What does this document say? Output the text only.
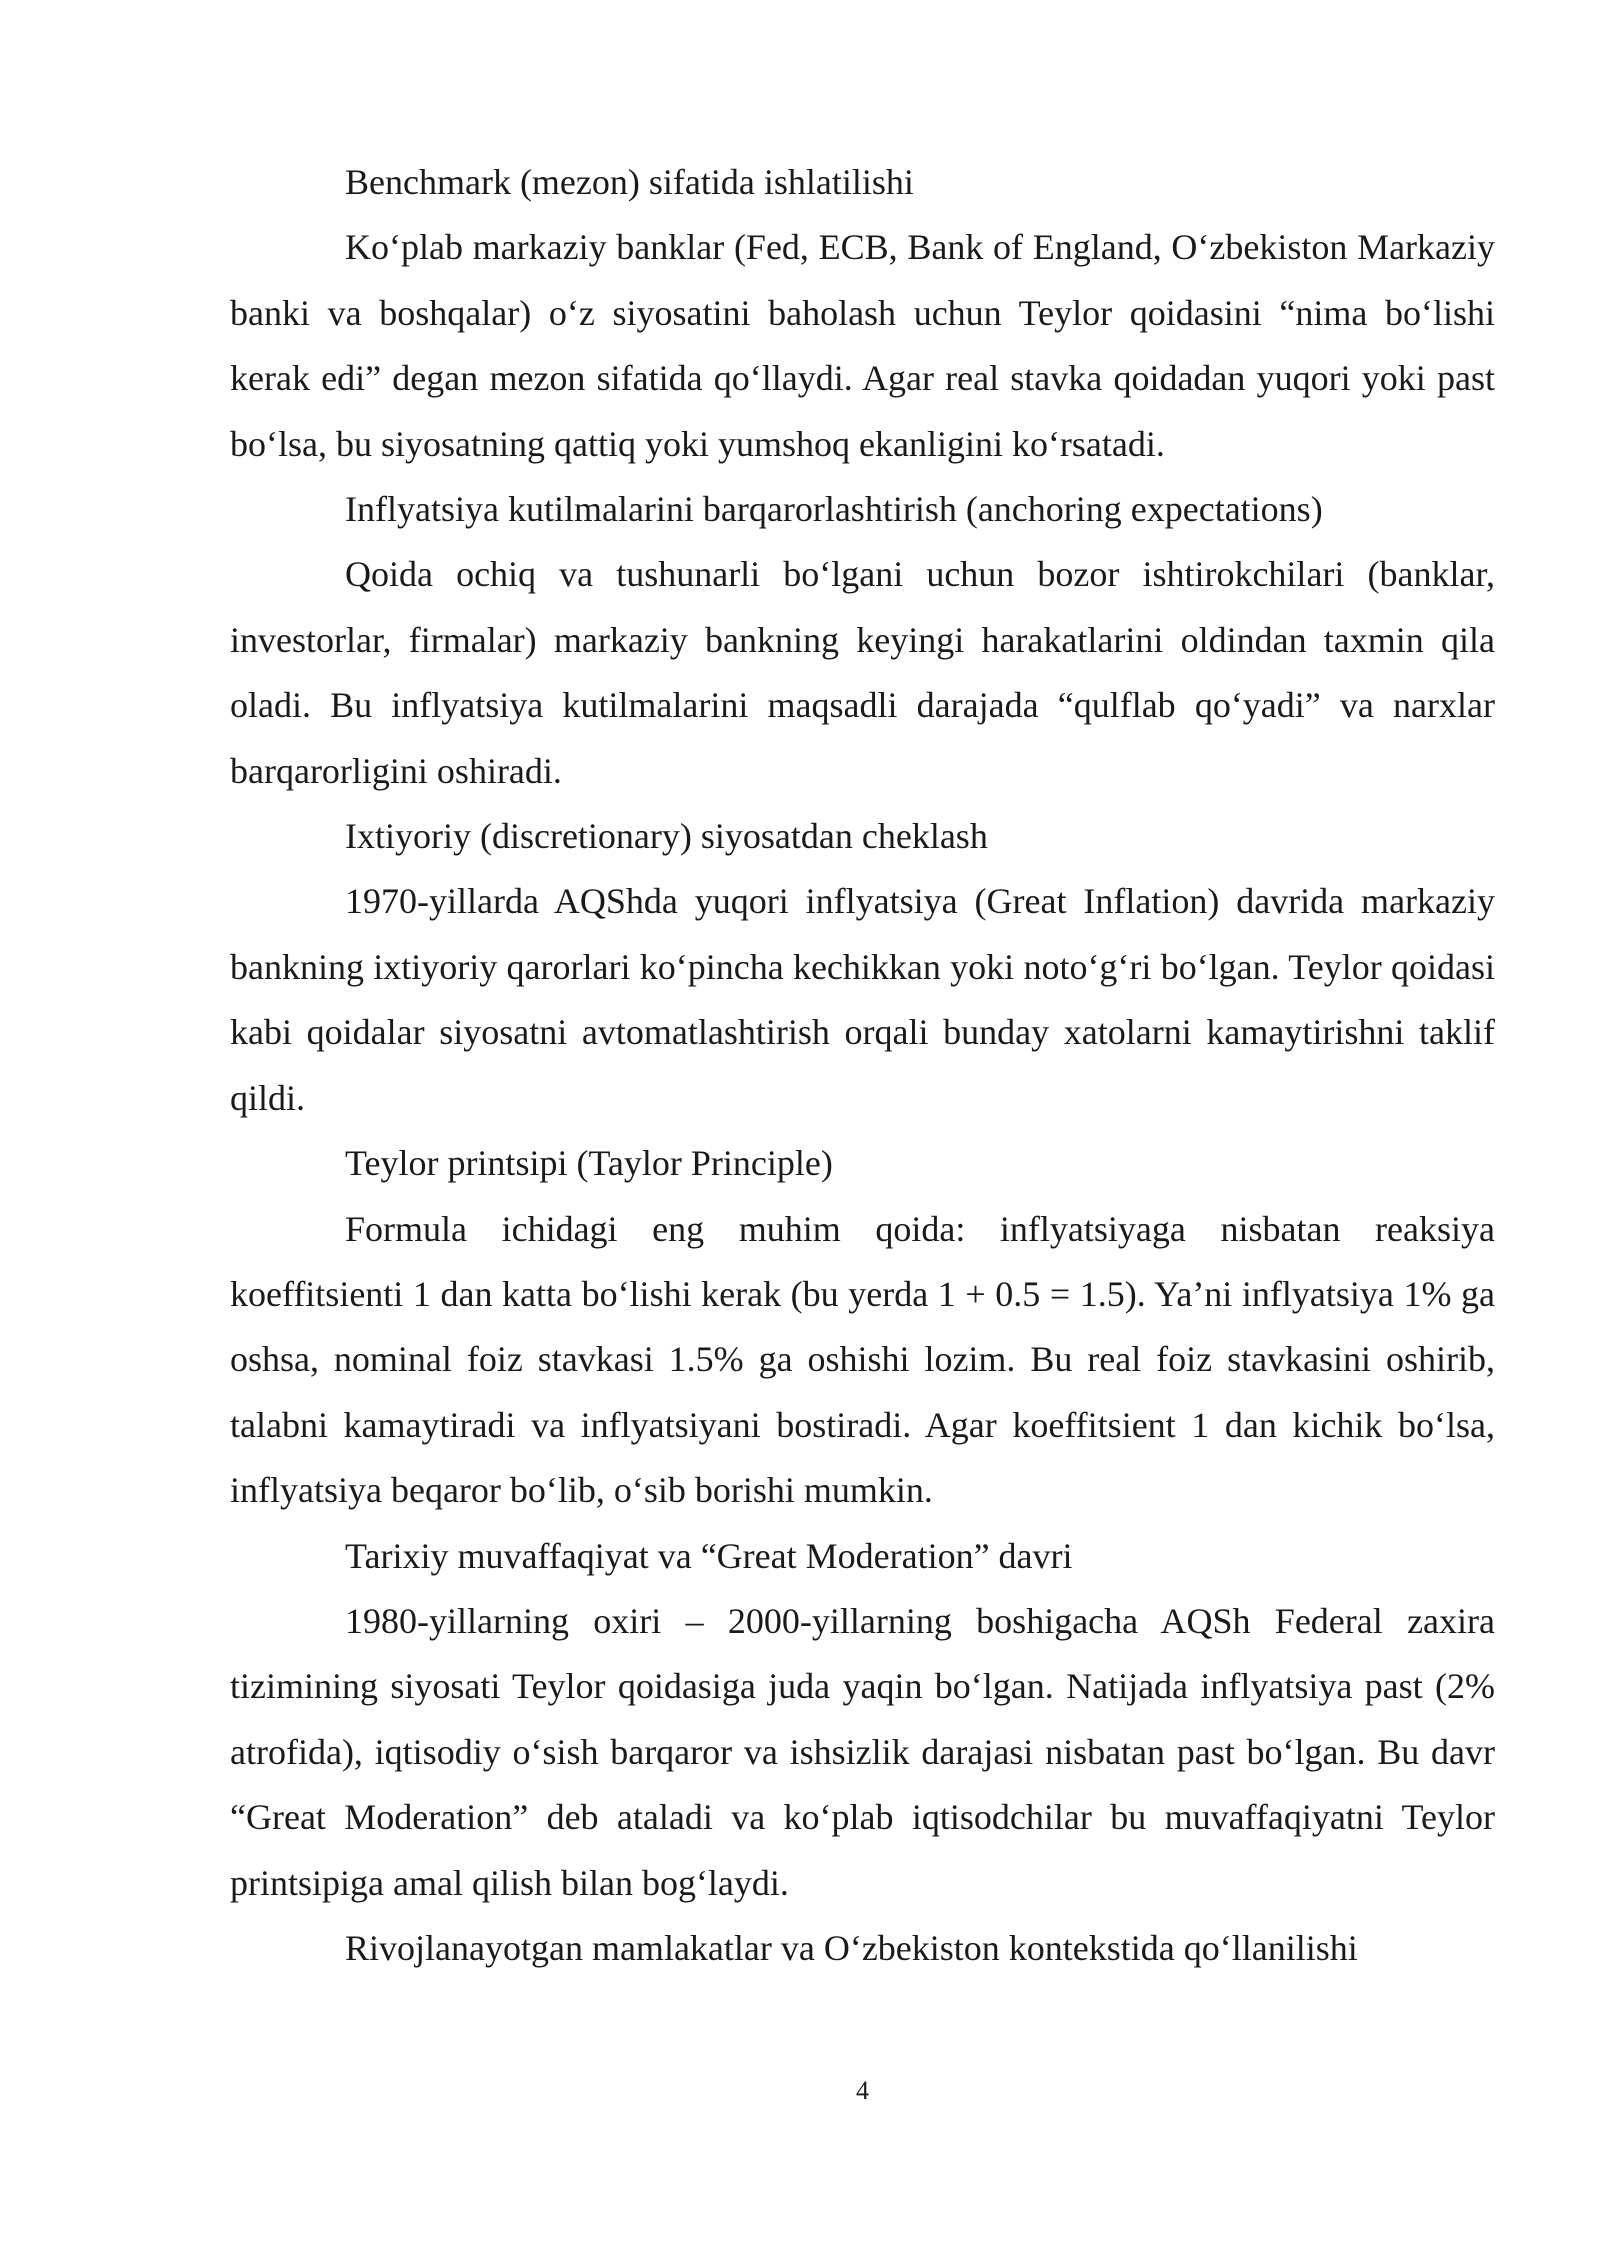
Benchmark (mezon) sifatida ishlatilishi

Ko‘plab markaziy banklar (Fed, ECB, Bank of England, O‘zbekiston Markaziy banki va boshqalar) o‘z siyosatini baholash uchun Teylor qoidasini “nima bo‘lishi kerak edi” degan mezon sifatida qo‘llaydi. Agar real stavka qoidadan yuqori yoki past bo‘lsa, bu siyosatning qattiq yoki yumshoq ekanligini ko‘rsatadi.

Inflyatsiya kutilmalarini barqarorlashtirish (anchoring expectations)

Qoida ochiq va tushunarli bo‘lgani uchun bozor ishtirokchilari (banklar, investorlar, firmalar) markaziy bankning keyingi harakatlarini oldindan taxmin qila oladi. Bu inflyatsiya kutilmalarini maqsadli darajada “qulflab qo‘yadi” va narxlar barqarorligini oshiradi.

Ixtiyoriy (discretionary) siyosatdan cheklash

1970-yillarda AQShda yuqori inflyatsiya (Great Inflation) davrida markaziy bankning ixtiyoriy qarorlari ko‘pincha kechikkan yoki noto‘g‘ri bo‘lgan. Teylor qoidasi kabi qoidalar siyosatni avtomatlashtirish orqali bunday xatolarni kamaytirishni taklif qildi.

Teylor printsipi (Taylor Principle)

Formula ichidagi eng muhim qoida: inflyatsiyaga nisbatan reaksiya koeffitsienti 1 dan katta bo‘lishi kerak (bu yerda 1 + 0.5 = 1.5). Ya’ni inflyatsiya 1% ga oshsa, nominal foiz stavkasi 1.5% ga oshishi lozim. Bu real foiz stavkasini oshirib, talabni kamaytiradi va inflyatsiyani bostiradi. Agar koeffitsient 1 dan kichik bo‘lsa, inflyatsiya beqaror bo‘lib, o‘sib borishi mumkin.

Tarixiy muvaffaqiyat va “Great Moderation” davri

1980-yillarning oxiri – 2000-yillarning boshigacha AQSh Federal zaxira tizimining siyosati Teylor qoidasiga juda yaqin bo‘lgan. Natijada inflyatsiya past (2% atrofida), iqtisodiy o‘sish barqaror va ishsizlik darajasi nisbatan past bo‘lgan. Bu davr “Great Moderation” deb ataladi va ko‘plab iqtisodchilar bu muvaffaqiyatni Teylor printsipiga amal qilish bilan bog‘laydi.

Rivojlanayotgan mamlakatlar va O‘zbekiston kontekstida qo‘llanilishi

4
